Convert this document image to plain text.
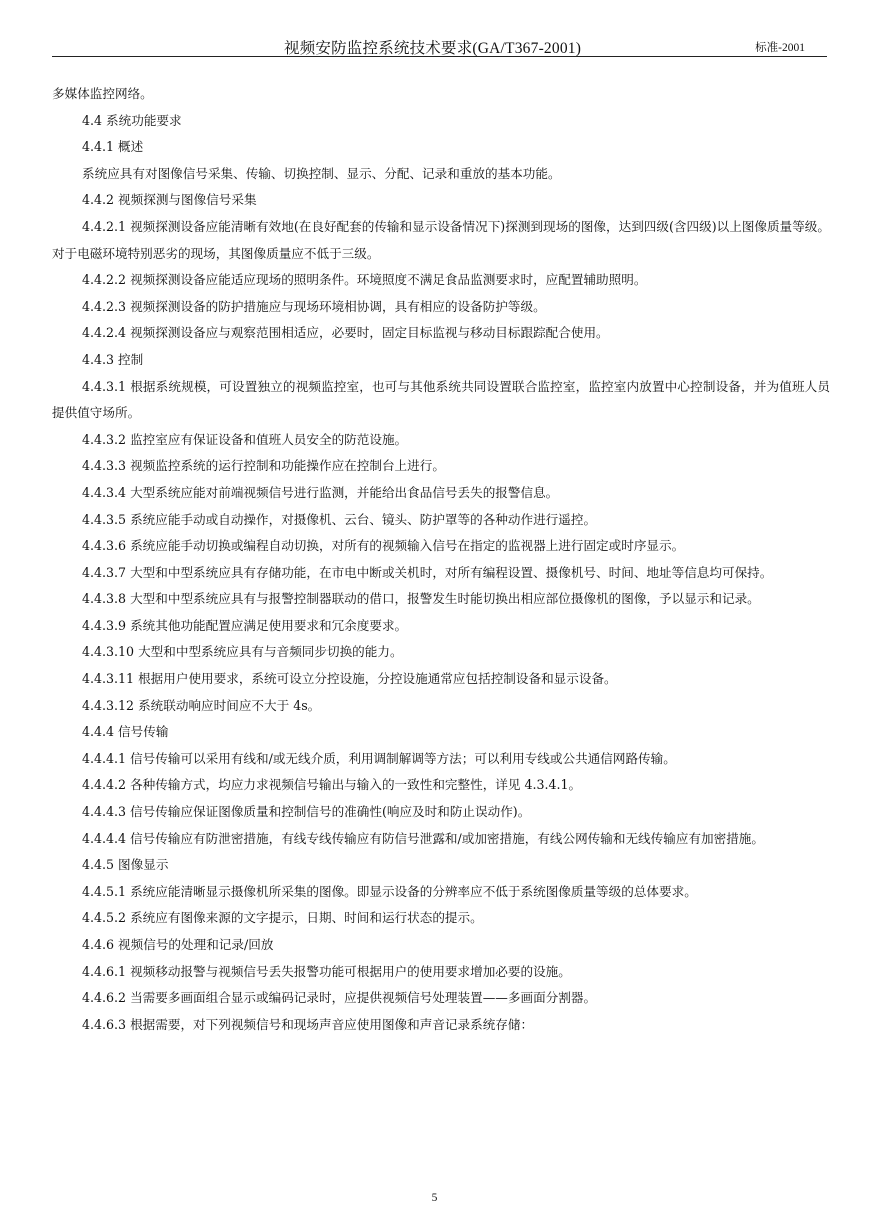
视频安防监控系统技术要求(GA/T367-2001)	标准-2001

多媒体监控网络。

4.4 系统功能要求

4.4.1 概述

系统应具有对图像信号采集、传输、切换控制、显示、分配、记录和重放的基本功能。

4.4.2 视频探测与图像信号采集

4.4.2.1 视频探测设备应能清晰有效地(在良好配套的传输和显示设备情况下)探测到现场的图像，达到四级(含四级)以上图像质量等级。对于电磁环境特别恶劣的现场，其图像质量应不低于三级。

4.4.2.2 视频探测设备应能适应现场的照明条件。环境照度不满足食品监测要求时，应配置辅助照明。

4.4.2.3 视频探测设备的防护措施应与现场环境相协调，具有相应的设备防护等级。

4.4.2.4 视频探测设备应与观察范围相适应，必要时，固定目标监视与移动目标跟踪配合使用。

4.4.3 控制

4.4.3.1 根据系统规模，可设置独立的视频监控室，也可与其他系统共同设置联合监控室，监控室内放置中心控制设备，并为值班人员提供值守场所。

4.4.3.2 监控室应有保证设备和值班人员安全的防范设施。

4.4.3.3 视频监控系统的运行控制和功能操作应在控制台上进行。

4.4.3.4 大型系统应能对前端视频信号进行监测，并能给出食品信号丢失的报警信息。

4.4.3.5 系统应能手动或自动操作，对摄像机、云台、镜头、防护罩等的各种动作进行遥控。

4.4.3.6 系统应能手动切换或编程自动切换，对所有的视频输入信号在指定的监视器上进行固定或时序显示。

4.4.3.7 大型和中型系统应具有存储功能，在市电中断或关机时，对所有编程设置、摄像机号、时间、地址等信息均可保持。

4.4.3.8 大型和中型系统应具有与报警控制器联动的借口，报警发生时能切换出相应部位摄像机的图像，予以显示和记录。

4.4.3.9 系统其他功能配置应满足使用要求和冗余度要求。

4.4.3.10 大型和中型系统应具有与音频同步切换的能力。

4.4.3.11 根据用户使用要求，系统可设立分控设施，分控设施通常应包括控制设备和显示设备。

4.4.3.12 系统联动响应时间应不大于 4s。

4.4.4 信号传输

4.4.4.1 信号传输可以采用有线和/或无线介质，利用调制解调等方法；可以利用专线或公共通信网路传输。

4.4.4.2 各种传输方式，均应力求视频信号输出与输入的一致性和完整性，详见 4.3.4.1。

4.4.4.3 信号传输应保证图像质量和控制信号的准确性(响应及时和防止误动作)。

4.4.4.4 信号传输应有防泄密措施，有线专线传输应有防信号泄露和/或加密措施，有线公网传输和无线传输应有加密措施。

4.4.5 图像显示

4.4.5.1 系统应能清晰显示摄像机所采集的图像。即显示设备的分辨率应不低于系统图像质量等级的总体要求。

4.4.5.2 系统应有图像来源的文字提示，日期、时间和运行状态的提示。

4.4.6 视频信号的处理和记录/回放

4.4.6.1 视频移动报警与视频信号丢失报警功能可根据用户的使用要求增加必要的设施。

4.4.6.2 当需要多画面组合显示或编码记录时，应提供视频信号处理装置——多画面分割器。

4.4.6.3 根据需要，对下列视频信号和现场声音应使用图像和声音记录系统存储：

5
